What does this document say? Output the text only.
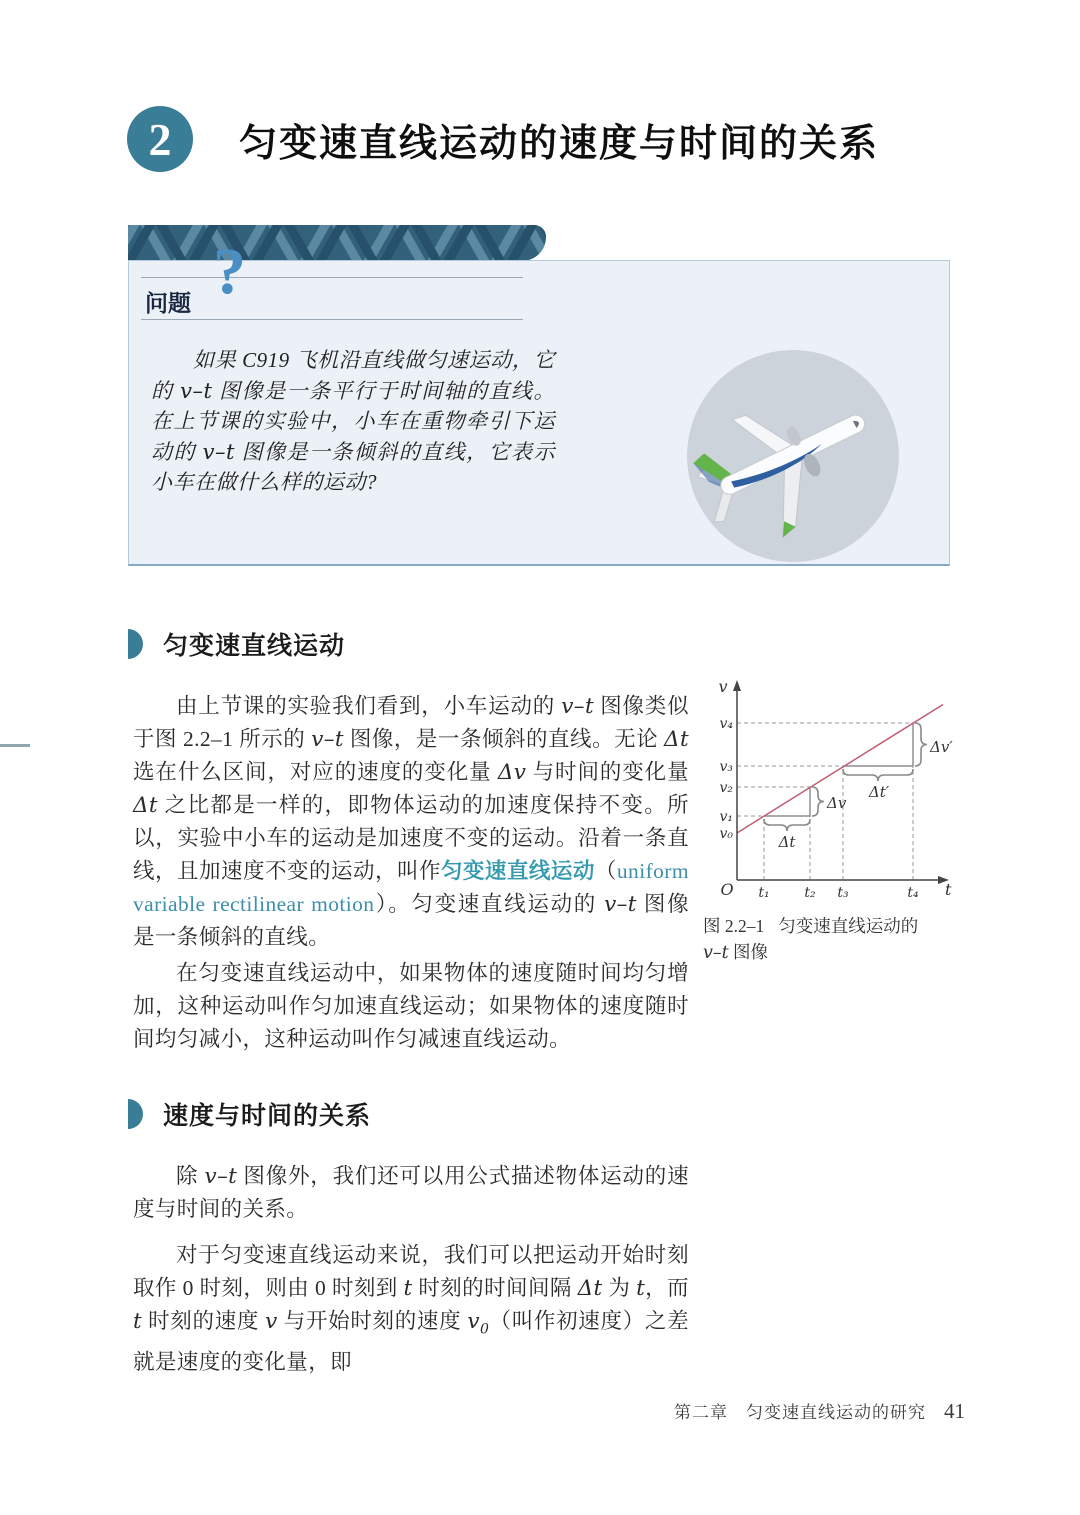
2	匀变速直线运动的速度与时间的关系
问题 ?

如果 C919 飞机沿直线做匀速运动，它的 v–t 图像是一条平行于时间轴的直线。在上节课的实验中，小车在重物牵引下运动的 v–t 图像是一条倾斜的直线，它表示小车在做什么样的运动?

匀变速直线运动

由上节课的实验我们看到，小车运动的 v–t 图像类似于图 2.2–1 所示的 v–t 图像，是一条倾斜的直线。无论 Δt 选在什么区间，对应的速度的变化量 Δv 与时间的变化量 Δt 之比都是一样的，即物体运动的加速度保持不变。所以，实验中小车的运动是加速度不变的运动。沿着一条直线，且加速度不变的运动，叫作匀变速直线运动（uniform variable rectilinear motion）。匀变速直线运动的 v–t 图像是一条倾斜的直线。

在匀变速直线运动中，如果物体的速度随时间均匀增加，这种运动叫作匀加速直线运动；如果物体的速度随时间均匀减小，这种运动叫作匀减速直线运动。

v
t
O
v₀
v₁
v₂
v₃
v₄
t₁ t₂ t₃	t₄
Δt
Δv
Δt′
Δv′
图 2.2–1 匀变速直线运动的
v–t 图像
速度与时间的关系

除 v–t 图像外，我们还可以用公式描述物体运动的速度与时间的关系。

对于匀变速直线运动来说，我们可以把运动开始时刻取作 0 时刻，则由 0 时刻到 t 时刻的时间间隔 Δt 为 t，而 t 时刻的速度 v 与开始时刻的速度 $v_0$（叫作初速度）之差就是速度的变化量，即

第二章 匀变速直线运动的研究 41
